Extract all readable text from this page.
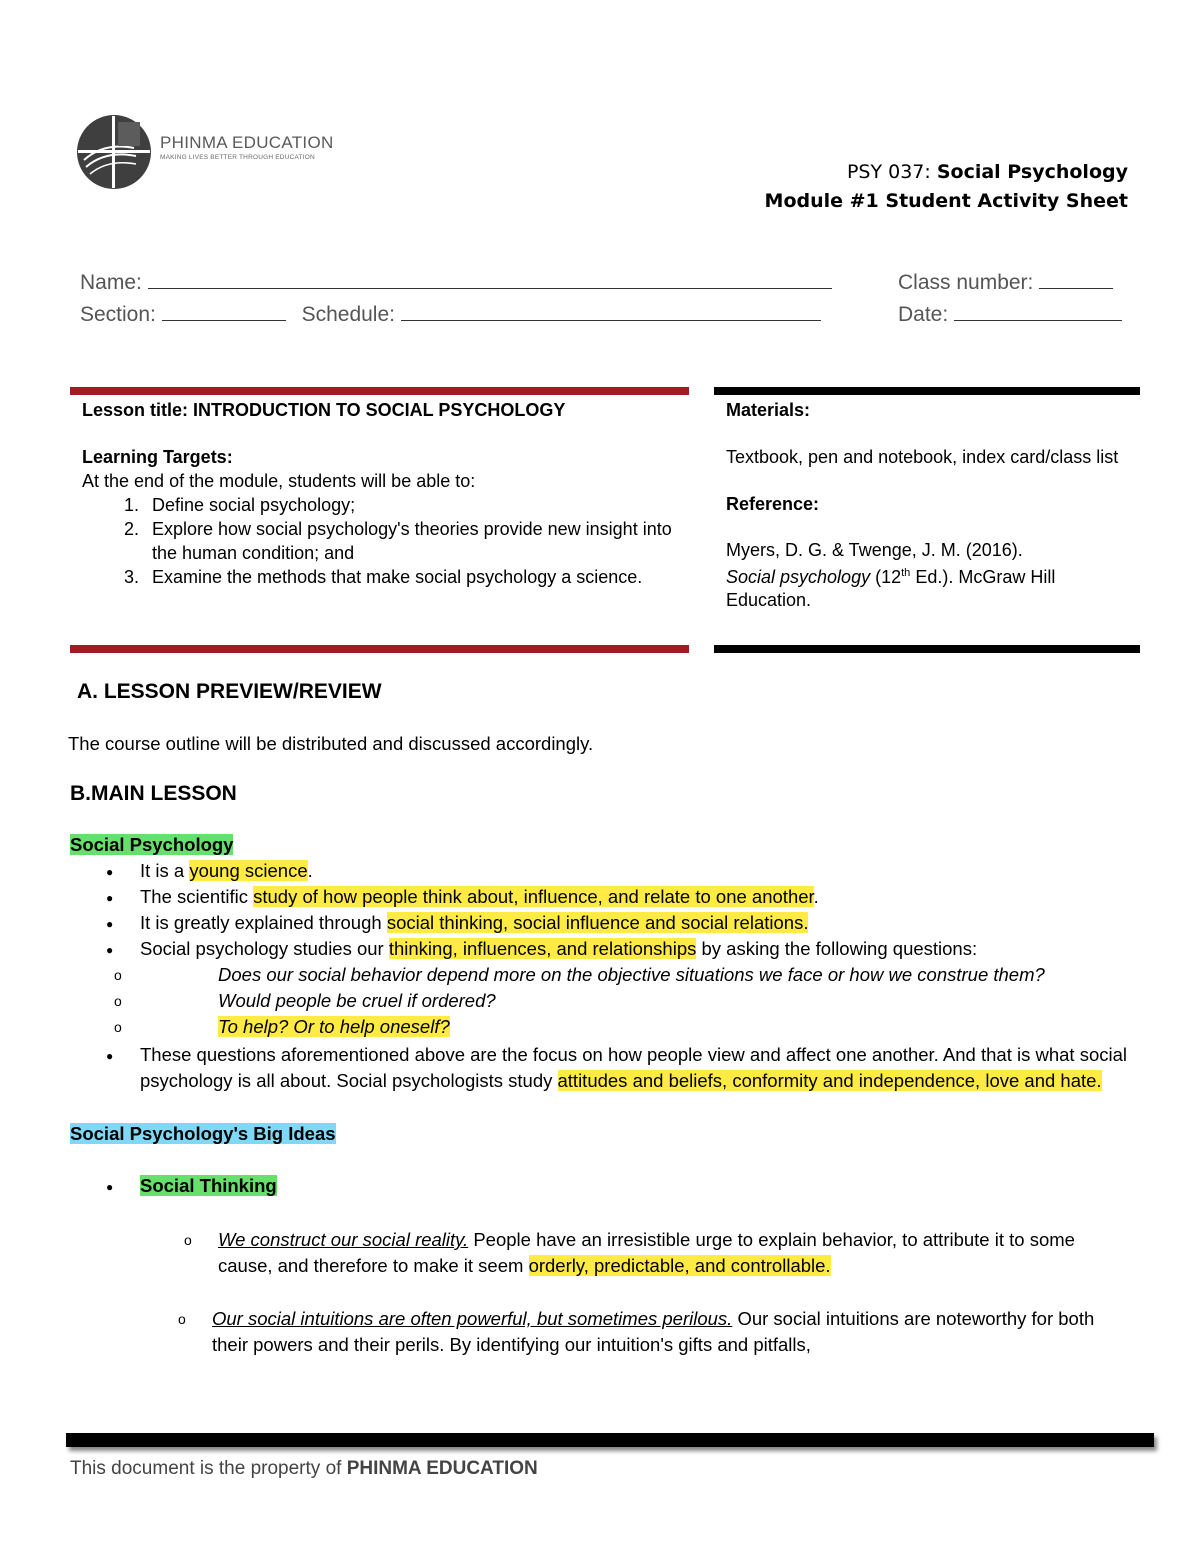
PHINMA EDUCATION
MAKING LIVES BETTER THROUGH EDUCATION
PSY 037: Social Psychology
Module #1 Student Activity Sheet
Name:	Class number:
Section:	Schedule:	Date:
Lesson title: INTRODUCTION TO SOCIAL PSYCHOLOGY
Learning Targets:
At the end of the module, students will be able to:
1. Define social psychology;
2. Explore how social psychology's theories provide new insight into the human condition; and
3. Examine the methods that make social psychology a science.
Materials:
Textbook, pen and notebook, index card/class list
Reference:
Myers, D. G. & Twenge, J. M. (2016).
Social psychology (12th Ed.). McGraw Hill Education.
A. LESSON PREVIEW/REVIEW
The course outline will be distributed and discussed accordingly.
B.MAIN LESSON
Social Psychology
● It is a young science.
● The scientific study of how people think about, influence, and relate to one another.
● It is greatly explained through social thinking, social influence and social relations.
● Social psychology studies our thinking, influences, and relationships by asking the following questions:
o Does our social behavior depend more on the objective situations we face or how we construe them?
o Would people be cruel if ordered?
o To help? Or to help oneself?
● These questions aforementioned above are the focus on how people view and affect one another. And that is what social psychology is all about. Social psychologists study attitudes and beliefs, conformity and independence, love and hate.
Social Psychology's Big Ideas
● Social Thinking
o We construct our social reality. People have an irresistible urge to explain behavior, to attribute it to some cause, and therefore to make it seem orderly, predictable, and controllable.
o Our social intuitions are often powerful, but sometimes perilous. Our social intuitions are noteworthy for both their powers and their perils. By identifying our intuition's gifts and pitfalls,
This document is the property of PHINMA EDUCATION
